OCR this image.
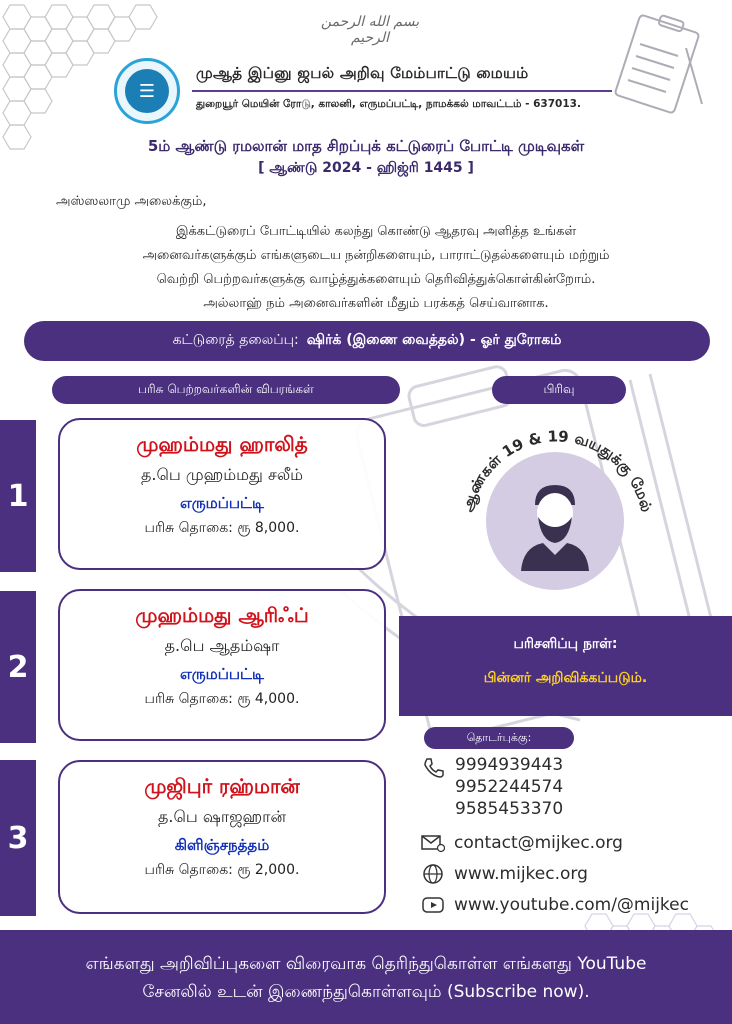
بسم الله الرحمن الرحيم
☰
முஆத் இப்னு ஜபல் அறிவு மேம்பாட்டு மையம்
துறையூர் மெயின் ரோடு, காலனி, எருமப்பட்டி, நாமக்கல் மாவட்டம் - 637013.
5ம் ஆண்டு ரமலான் மாத சிறப்புக் கட்டுரைப் போட்டி முடிவுகள்
[ ஆண்டு 2024 - ஹிஜ்ரி 1445 ]
அஸ்ஸலாமு அலைக்கும்,
இக்கட்டுரைப் போட்டியில் கலந்து கொண்டு ஆதரவு அளித்த உங்கள்
அனைவர்களுக்கும் எங்களுடைய நன்றிகளையும், பாராட்டுதல்களையும் மற்றும்
வெற்றி பெற்றவர்களுக்கு வாழ்த்துக்களையும் தெரிவித்துக்கொள்கின்றோம்.
அல்லாஹ் நம் அனைவர்களின் மீதும் பரக்கத் செய்வானாக.
கட்டுரைத் தலைப்பு: ஷிர்க் (இணை வைத்தல்) - ஓர் துரோகம்
பரிசு பெற்றவர்களின் விபரங்கள்	பிரிவு
1
2
3
முஹம்மது ஹாலித்
த.பெ முஹம்மது சலீம்
எருமப்பட்டி
பரிசு தொகை: ரூ 8,000.
முஹம்மது ஆரிஃப்
த.பெ ஆதம்ஷா
எருமப்பட்டி
பரிசு தொகை: ரூ 4,000.
முஜிபுர் ரஹ்மான்
த.பெ ஷாஜஹான்
கிளிஞ்சநத்தம்
பரிசு தொகை: ரூ 2,000.
ஆண்கள் 19 & 19 வயதுக்கு மேல்
பரிசளிப்பு நாள்:
பின்னர் அறிவிக்கப்படும்.
தொடர்புக்கு:
9994939443
9952244574
9585453370
contact@mijkec.org
www.mijkec.org
www.youtube.com/@mijkec
எங்களது அறிவிப்புகளை விரைவாக தெரிந்துகொள்ள எங்களது YouTube
சேனலில் உடன் இணைந்துகொள்ளவும் (Subscribe now).
